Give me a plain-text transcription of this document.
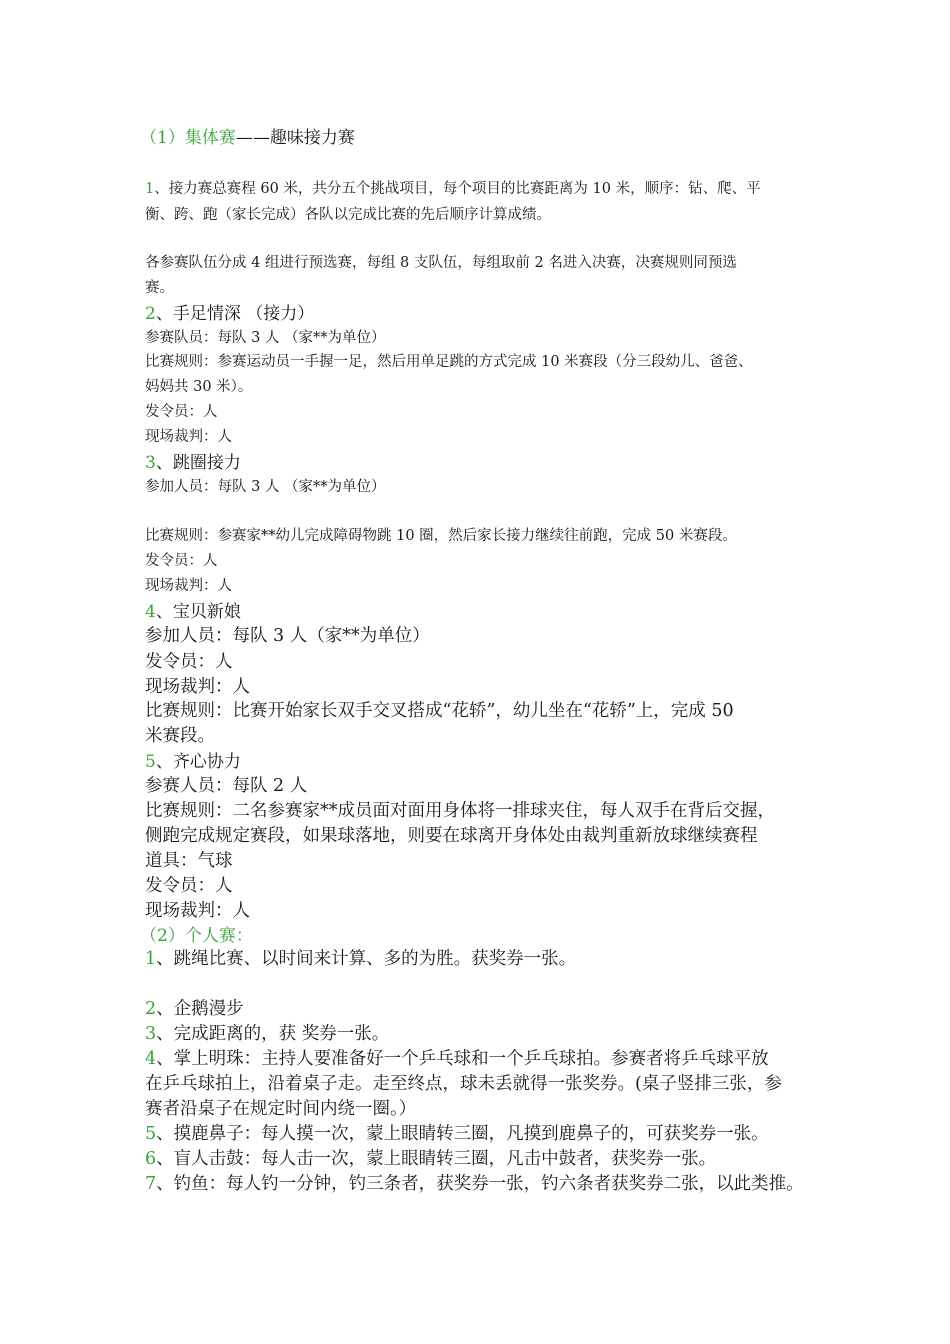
（1）集体赛——趣味接力赛
1、接力赛总赛程 60 米，共分五个挑战项目，每个项目的比赛距离为 10 米，顺序：钻、爬、平
衡、跨、跑（家长完成）各队以完成比赛的先后顺序计算成绩。
各参赛队伍分成 4 组进行预选赛，每组 8 支队伍，每组取前 2 名进入决赛，决赛规则同预选
赛。
2、手足情深 （接力）
参赛队员：每队 3 人 （家**为单位）
比赛规则：参赛运动员一手握一足，然后用单足跳的方式完成 10 米赛段（分三段幼儿、爸爸、
妈妈共 30 米）。
发令员：人
现场裁判：人
3、跳圈接力
参加人员：每队 3 人 （家**为单位）
比赛规则：参赛家**幼儿完成障碍物跳 10 圈，然后家长接力继续往前跑，完成 50 米赛段。
发令员：人
现场裁判：人
4、宝贝新娘
参加人员：每队 3 人（家**为单位）
发令员：人
现场裁判：人
比赛规则：比赛开始家长双手交叉搭成“花轿”，幼儿坐在“花轿”上，完成 50
米赛段。
5、齐心协力
参赛人员：每队 2 人
比赛规则：二名参赛家**成员面对面用身体将一排球夹住，每人双手在背后交握，
侧跑完成规定赛段，如果球落地，则要在球离开身体处由裁判重新放球继续赛程
道具：气球
发令员：人
现场裁判：人
（2）个人赛：
1、跳绳比赛、以时间来计算、多的为胜。获奖券一张。
2、企鹅漫步
3、完成距离的，获 奖券一张。
4、掌上明珠：主持人要准备好一个乒乓球和一个乒乓球拍。参赛者将乒乓球平放
在乒乓球拍上，沿着桌子走。走至终点，球未丢就得一张奖券。(桌子竖排三张，参
赛者沿桌子在规定时间内绕一圈。）
5、摸鹿鼻子：每人摸一次，蒙上眼睛转三圈，凡摸到鹿鼻子的，可获奖券一张。
6、盲人击鼓：每人击一次，蒙上眼睛转三圈，凡击中鼓者，获奖券一张。
7、钓鱼：每人钓一分钟，钓三条者，获奖券一张，钓六条者获奖券二张，以此类推。
